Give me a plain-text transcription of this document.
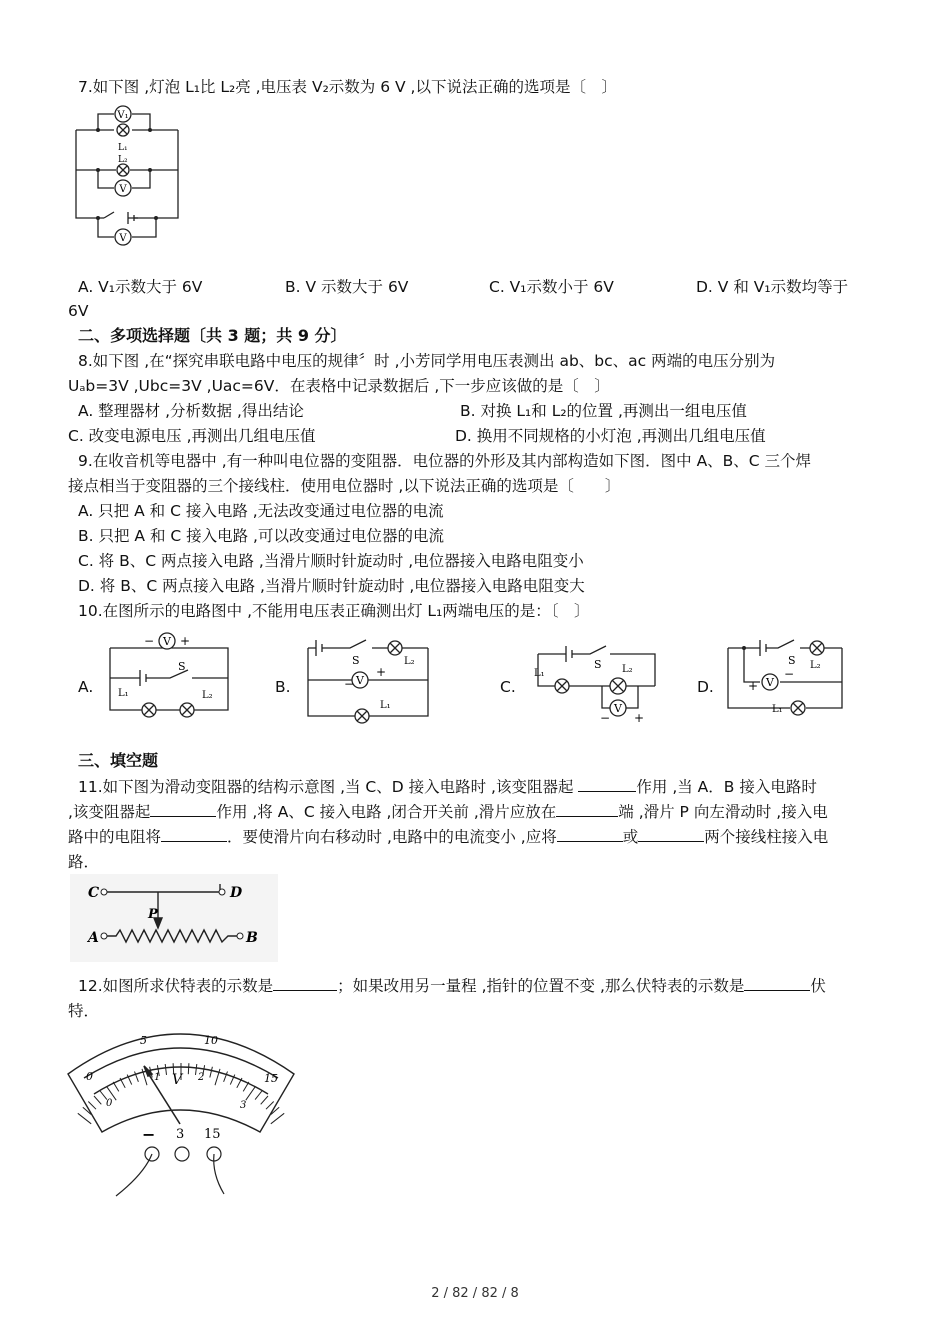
7.如下图 ,灯泡 L₁比 L₂亮 ,电压表 V₂示数为 6 V ,以下说法正确的选项是〔　〕
V₁
V
V
L₁
L₂
A. V₁示数大于 6V	B. V 示数大于 6V	C. V₁示数小于 6V	D. V 和 V₁示数均等于
6V
二、多项选择题〔共 3 题；共 9 分〕
8.如下图 ,在“探究串联电路中电压的规律〞时 ,小芳同学用电压表测出 ab、bc、ac 两端的电压分别为
Uₐb=3V ,Ubc=3V ,Uac=6V．在表格中记录数据后 ,下一步应该做的是〔　〕
A. 整理器材 ,分析数据 ,得出结论	B. 对换 L₁和 L₂的位置 ,再测出一组电压值
C. 改变电源电压 ,再测出几组电压值	D. 换用不同规格的小灯泡 ,再测出几组电压值
9.在收音机等电器中 ,有一种叫电位器的变阻器．电位器的外形及其内部构造如下图．图中 A、B、C 三个焊
接点相当于变阻器的三个接线柱．使用电位器时 ,以下说法正确的选项是〔　　〕
A. 只把 A 和 C 接入电路 ,无法改变通过电位器的电流
B. 只把 A 和 C 接入电路 ,可以改变通过电位器的电流
C. 将 B、C 两点接入电路 ,当滑片顺时针旋动时 ,电位器接入电路电阻变小
D. 将 B、C 两点接入电路 ,当滑片顺时针旋动时 ,电位器接入电路电阻变大
10.在图所示的电路图中 ,不能用电压表正确测出灯 L₁两端电压的是：〔　〕
A.
V
− +
S
L₁	L₂	B.	V
−
+
S	L₂
L₁
C.
V
− +
S
L₁	L₂
D.	V
+
−
S L₂
L₁
三、填空题
11.如下图为滑动变阻器的结构示意图 ,当 C、D 接入电路时 ,该变阻器起	作用 ,当 A．B 接入电路时
,该变阻器起	作用 ,将 A、C 接入电路 ,闭合开关前 ,滑片应放在	端 ,滑片 P 向左滑动时 ,接入电
路中的电阻将	．要使滑片向右移动时 ,电路中的电流变小 ,应将	或	两个接线柱接入电
路．
C	D
P
A	B
12.如图所求伏特表的示数是	；如果改用另一量程 ,指针的位置不变 ,那么伏特表的示数是	伏
特．
0
5	10
15
0
1	2
3
V
− 3 15
2 / 82 / 82 / 8
